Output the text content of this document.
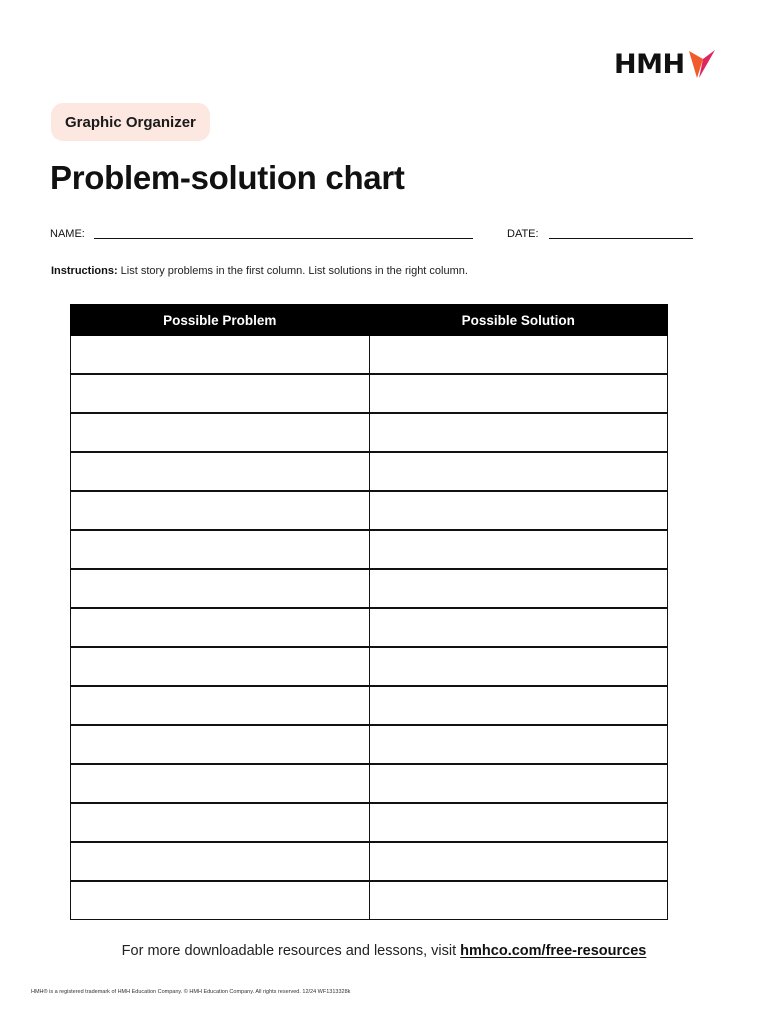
HMH
Graphic Organizer
Problem-solution chart
NAME:	DATE:
Instructions: List story problems in the first column. List solutions in the right column.
Possible Problem	Possible Solution

For more downloadable resources and lessons, visit hmhco.com/free-resources
HMH® is a registered trademark of HMH Education Company. © HMH Education Company. All rights reserved. 12/24 WF1313328k
